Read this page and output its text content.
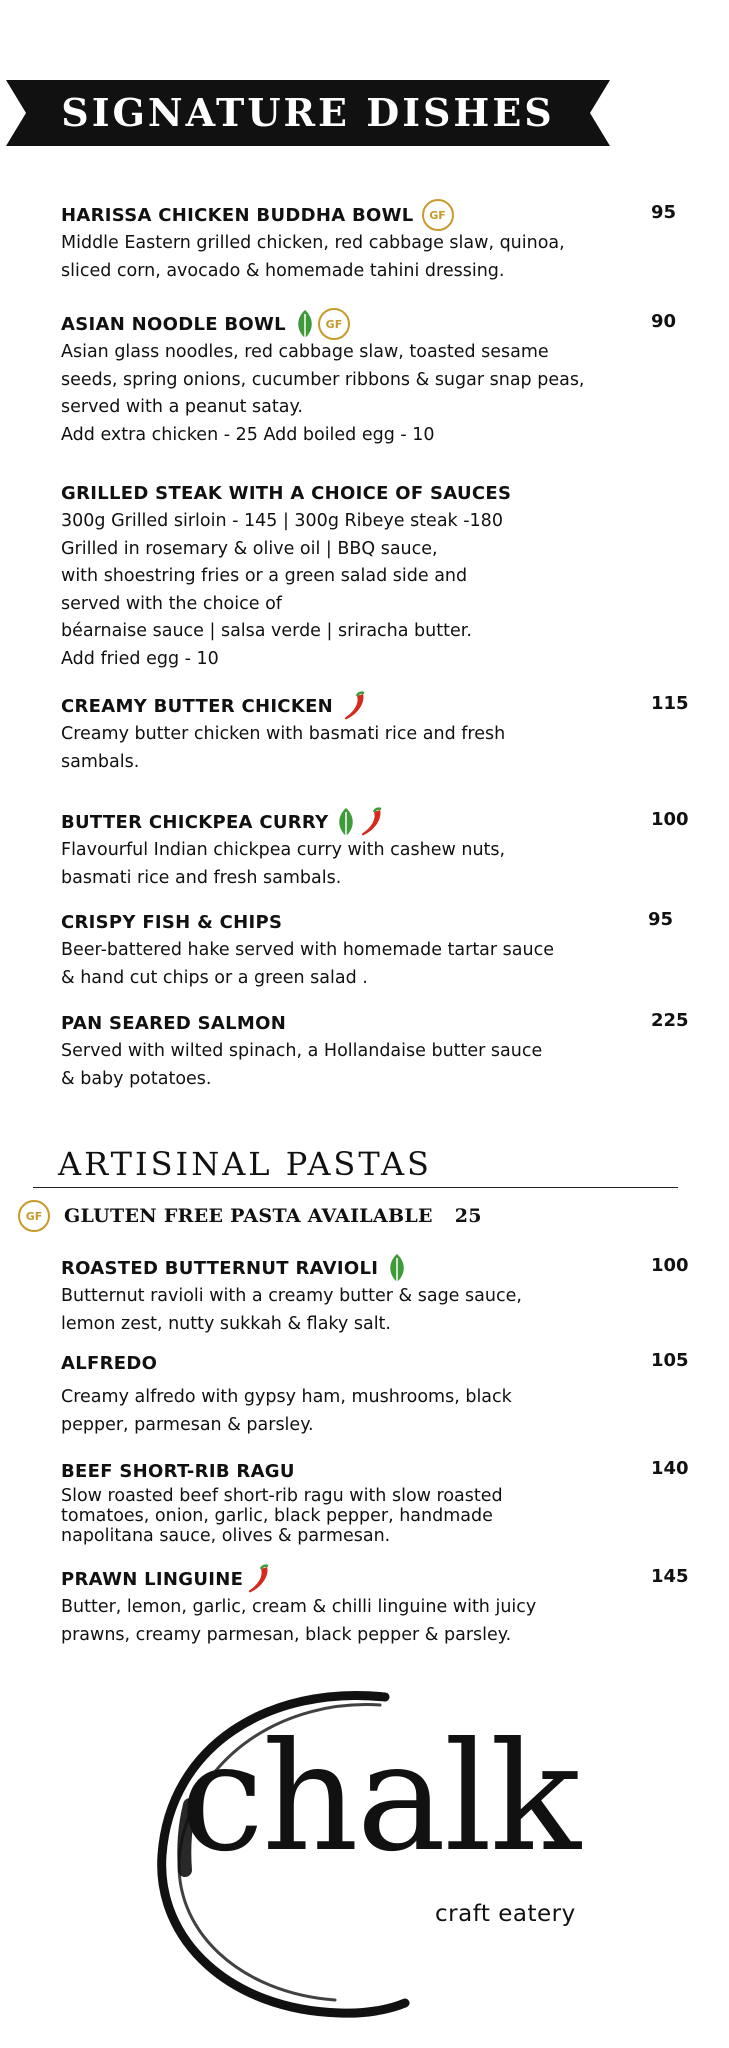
SIGNATURE DISHES
HARISSA CHICKEN BUDDHA BOWL	GF	95
Middle Eastern grilled chicken, red cabbage slaw, quinoa,
sliced corn, avocado & homemade tahini dressing.
ASIAN NOODLE BOWL	GF	90
Asian glass noodles, red cabbage slaw, toasted sesame
seeds, spring onions, cucumber ribbons & sugar snap peas,
served with a peanut satay.
Add extra chicken - 25 Add boiled egg - 10
GRILLED STEAK WITH A CHOICE OF SAUCES
300g Grilled sirloin - 145 | 300g Ribeye steak -180
Grilled in rosemary & olive oil | BBQ sauce,
with shoestring fries or a green salad side and
served with the choice of
béarnaise sauce | salsa verde | sriracha butter.
Add fried egg - 10
CREAMY BUTTER CHICKEN	115
Creamy butter chicken with basmati rice and fresh
sambals.
BUTTER CHICKPEA CURRY	100
Flavourful Indian chickpea curry with cashew nuts,
basmati rice and fresh sambals.
CRISPY FISH & CHIPS	95
Beer-battered hake served with homemade tartar sauce
& hand cut chips or a green salad .
PAN SEARED SALMON	225
Served with wilted spinach, a Hollandaise butter sauce
& baby potatoes.
ARTISINAL PASTAS
GF	GLUTEN FREE PASTA AVAILABLE 25
ROASTED BUTTERNUT RAVIOLI	100
Butternut ravioli with a creamy butter & sage sauce,
lemon zest, nutty sukkah & flaky salt.
ALFREDO	105
Creamy alfredo with gypsy ham, mushrooms, black
pepper, parmesan & parsley.
BEEF SHORT-RIB RAGU	140
Slow roasted beef short-rib ragu with slow roasted
tomatoes, onion, garlic, black pepper, handmade
napolitana sauce, olives & parmesan.
PRAWN LINGUINE	145
Butter, lemon, garlic, cream & chilli linguine with juicy
prawns, creamy parmesan, black pepper & parsley.
chalk
craft eatery
